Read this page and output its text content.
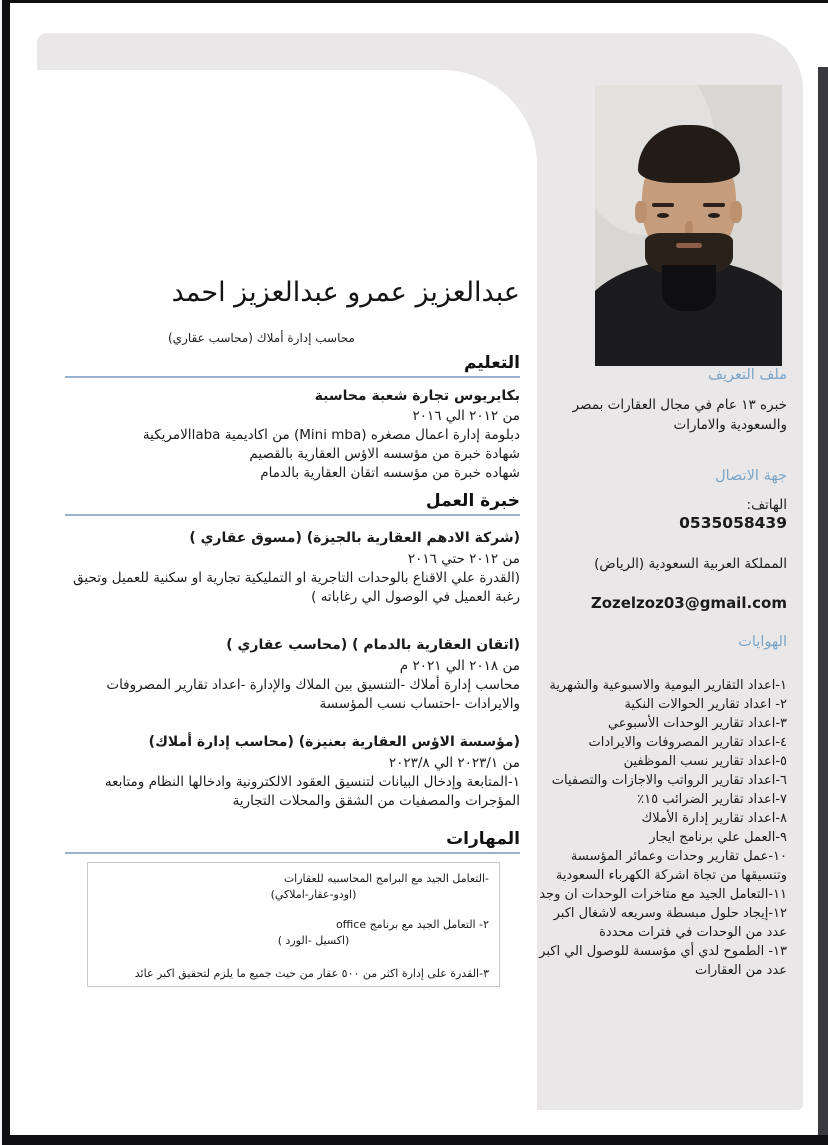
عبدالعزيز عمرو عبدالعزيز احمد
محاسب إدارة أملاك (محاسب عقاري)
التعليم

بكايريوس تجارة شعبة محاسبة

من ٢٠١٢ الي ٢٠١٦

دبلومة إدارة اعمال مصغره (Mini mba) من اكاديمية labaالامريكية

شهادة خبرة من مؤسسه الاؤس العقارية بالقصيم

شهاده خبرة من مؤسسه اتقان العقارية بالدمام

خبرة العمل

(شركة الادهم العقارية بالجيزة) (مسوق عقاري )

من ٢٠١٢ حتي ٢٠١٦

(القدرة علي الاقناع بالوحدات التاجرية او التمليكية تجارية او سكنية للعميل وتحيق رغبة العميل في الوصول الي رغاباته )

(اتقان العقارية بالدمام ) (محاسب عقاري )

من ٢٠١٨ الي ٢٠٢١ م

محاسب إدارة أملاك -التنسيق بين الملاك والإدارة -اعداد تقارير المصروفات والايرادات -احتساب نسب المؤسسة

(مؤسسة الاؤس العقارية بعنيزة) (محاسب إدارة أملاك)

من ٢٠٢٣/١ الي ٢٠٢٣/٨

١-المتابعة وإدخال البيانات لتنسيق العقود الالكترونية وادخالها النظام ومتابعه المؤجرات والمصفيات من الشقق والمحلات التجارية

المهارات
-التعامل الجيد مع البرامج المحاسبيه للعقارات
(اودو-عقار-املاكي)
٢- التعامل الجيد مع برنامج office
(اكسيل -الورد )
٣-القدرة على إدارة اكثر من ٥٠٠ عقار من حيث جميع ما يلزم لتحقيق اكبر عائد
ملف التعريف
خبره ١٣ عام في مجال العقارات بمصر والسعودية والامارات
جهة الاتصال
الهاتف:
0535058439
المملكة العربية السعودية (الرياض)
Zozelzoz03@gmail.com
الهوايات
١-اعداد التقارير اليومية والاسبوعية والشهرية
٢- اعداد تقارير الحوالات النكية
٣-اعداد تقارير الوحدات الأسبوعي
٤-اعداد تقارير المصروفات والايرادات
٥-اعداد تقارير نسب الموظفين
٦-اعداد تقارير الرواتب والاجازات والتصفيات
٧-اعداد تقارير الضرائب ١٥٪
٨-اعداد تقارير إدارة الأملاك
٩-العمل علي برنامج ايجار
١٠-عمل تقارير وحدات وعمائر المؤسسة وتنسيقها من تجاة اشركة الكهرباء السعودية
١١-التعامل الجيد مع متاخرات الوحدات ان وجد
١٢-إيجاد حلول مبسطة وسريعه لاشغال اكبر عدد من الوحدات في فترات محددة
١٣- الطموح لدي أي مؤسسة للوصول الي اكبر عدد من العقارات
